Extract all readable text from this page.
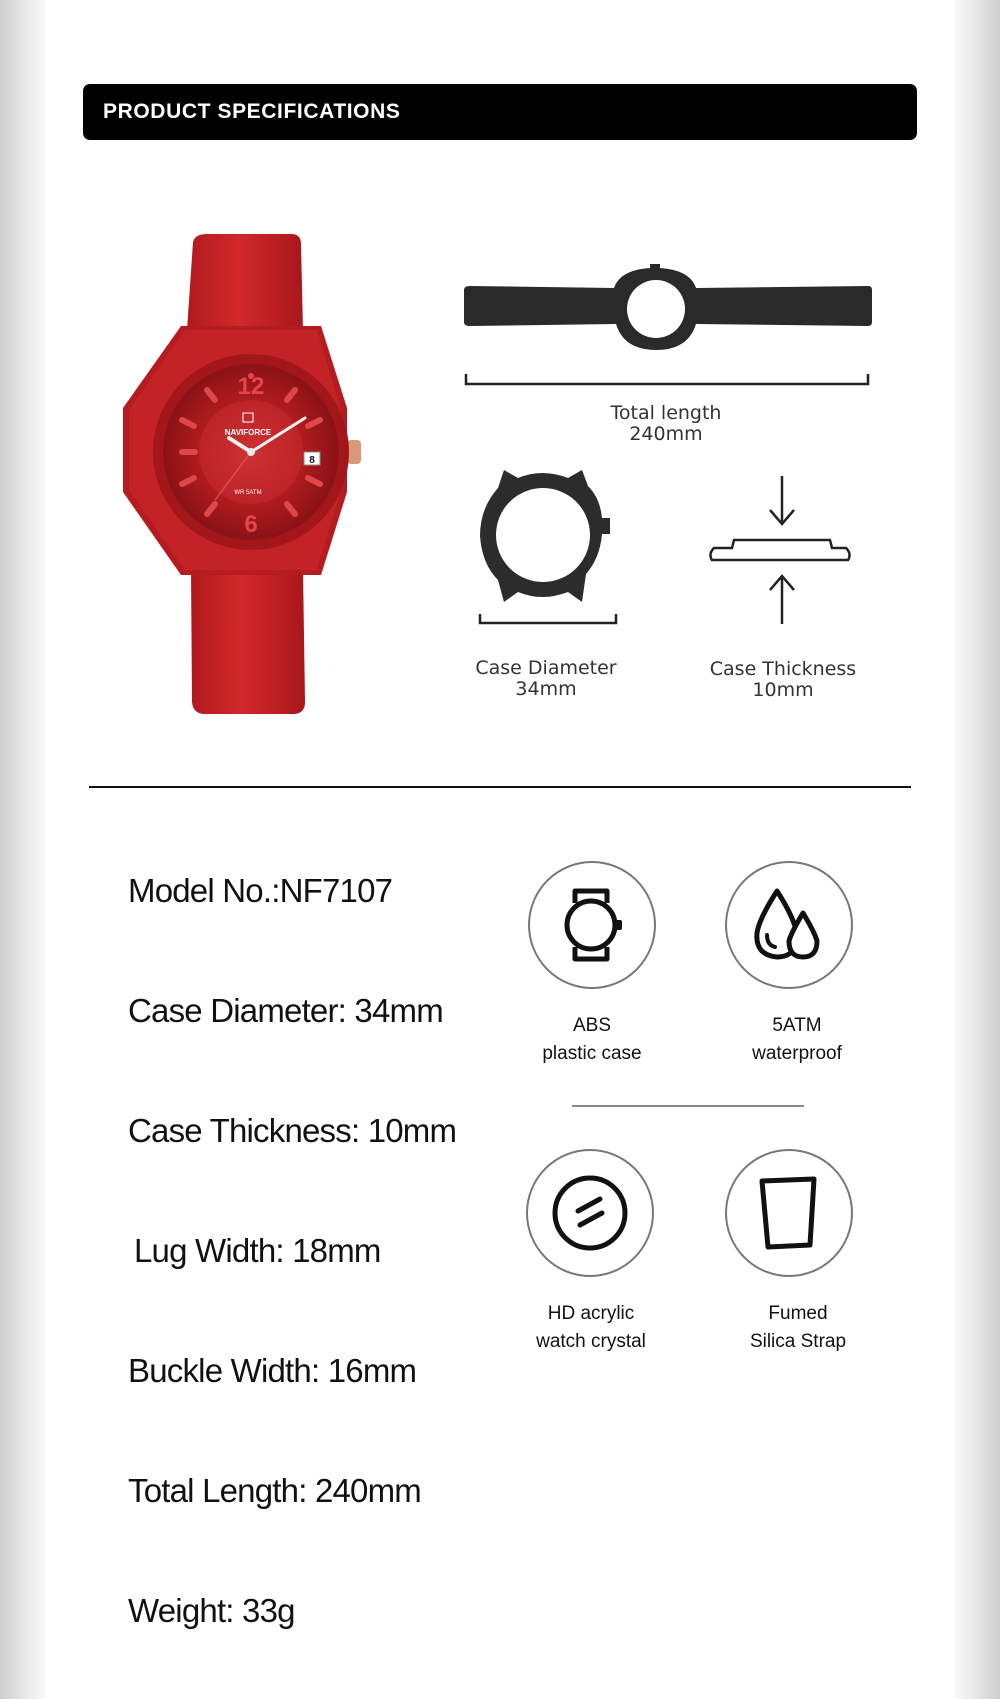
PRODUCT SPECIFICATIONS
12
6
NAVIFORCE
WR 5ATM
8
Total length
240mm
Case Diameter
34mm
Case Thickness
10mm
Model No.:NF7107
Case Diameter: 34mm
Case Thickness: 10mm
Lug Width: 18mm
Buckle Width: 16mm
Total Length: 240mm
Weight: 33g
ABS
plastic case
5ATM
waterproof
HD acrylic
watch crystal
Fumed
Silica Strap
